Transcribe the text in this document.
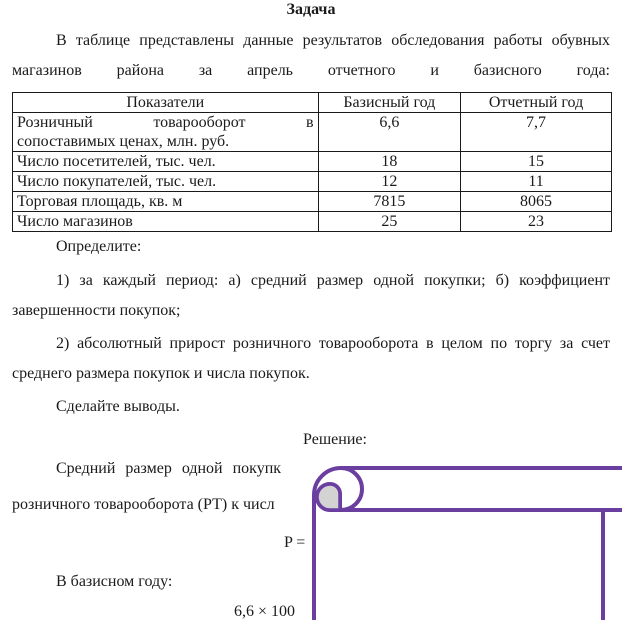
Задача
В таблице представлены данные результатов обследования работы обувных магазинов района за апрель отчетного и базисного года:
Показатели	Базисный год	Отчетный год

Розничный товарооборот в
сопоставимых ценах, млн. руб.	6,6	7,7
Число посетителей, тыс. чел.	18	15
Число покупателей, тыс. чел.	12	11
Торговая площадь, кв. м	7815	8065
Число магазинов	25	23
Определите:
1) за каждый период: а) средний размер одной покупки; б) коэффициент завершенности покупок;
2) абсолютный прирост розничного товарооборота в целом по торгу за счет среднего размера покупок и числа покупок.
Сделайте выводы.
Решение:
Средний размер одной покупк
розничного товарооборота (РТ) к числ
P =
В базисном году:
6,6 × 100
